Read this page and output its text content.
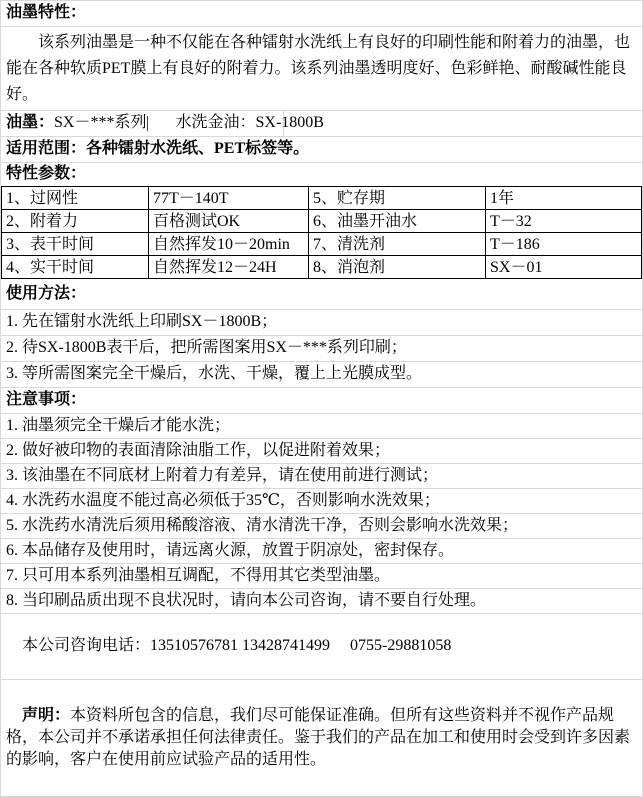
油墨特性：
　　该系列油墨是一种不仅能在各种镭射水洗纸上有良好的印刷性能和附着力的油墨，也能在各种软质PET膜上有良好的附着力。该系列油墨透明度好、色彩鲜艳、耐酸碱性能良好。
油墨：SX－***系列 水洗金油：SX-1800B
适用范围：各种镭射水洗纸、PET标签等。
特性参数：
1、过网性	77T－140T	5、贮存期	1年
2、附着力	百格测试OK	6、油墨开油水	T－32
3、表干时间	自然挥发10－20min	7、清洗剂	T－186
4、实干时间	自然挥发12－24H	8、消泡剂	SX－01
使用方法：
1. 先在镭射水洗纸上印刷SX－1800B；
2. 待SX-1800B表干后，把所需图案用SX－***系列印刷；
3. 等所需图案完全干燥后，水洗、干燥，覆上上光膜成型。
注意事项：
1. 油墨须完全干燥后才能水洗；
2. 做好被印物的表面清除油脂工作，以促进附着效果；
3. 该油墨在不同底材上附着力有差异，请在使用前进行测试；
4. 水洗药水温度不能过高必须低于35℃，否则影响水洗效果；
5. 水洗药水清洗后须用稀酸溶液、清水清洗干净，否则会影响水洗效果；
6. 本品储存及使用时，请远离火源，放置于阴凉处，密封保存。
7. 只可用本系列油墨相互调配，不得用其它类型油墨。
8. 当印刷品质出现不良状况时，请向本公司咨询，请不要自行处理。

本公司咨询电话：13510576781 13428741499　 0755-29881058

声明：本资料所包含的信息，我们尽可能保证准确。但所有这些资料并不视作产品规格，本公司并不承诺承担任何法律责任。鉴于我们的产品在加工和使用时会受到许多因素的影响，客户在使用前应试验产品的适用性。
